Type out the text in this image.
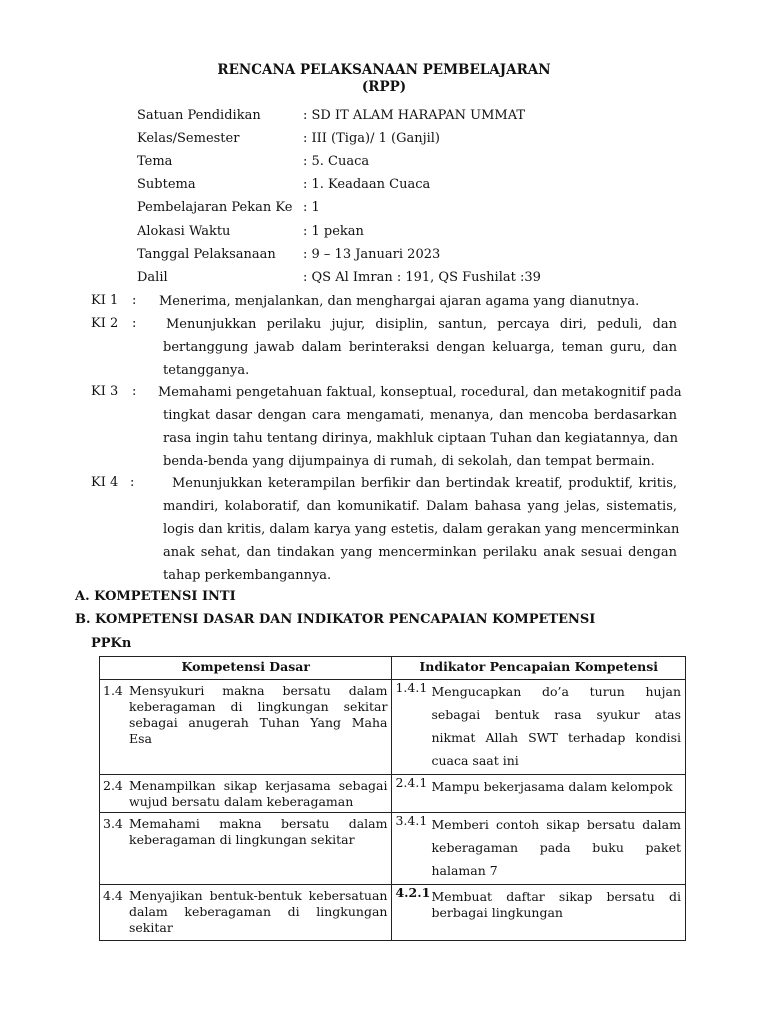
RENCANA PELAKSANAAN PEMBELAJARAN
(RPP)
Satuan Pendidikan	: SD IT ALAM HARAPAN UMMAT
Kelas/Semester	: III (Tiga)/ 1 (Ganjil)
Tema	: 5. Cuaca
Subtema	: 1. Keadaan Cuaca
Pembelajaran Pekan Ke : 1
Alokasi Waktu	: 1 pekan
Tanggal Pelaksanaan : 9 – 13 Januari 2023
Dalil	: QS Al Imran : 191, QS Fushilat :39
KI 1 : Menerima, menjalankan, dan menghargai ajaran agama yang dianutnya.
KI 2 : Menunjukkan perilaku jujur, disiplin, santun, percaya diri, peduli, dan
bertanggung jawab dalam berinteraksi dengan keluarga, teman guru, dan
tetangganya.
KI 3 : Memahami pengetahuan faktual, konseptual, rocedural, dan metakognitif pada
tingkat dasar dengan cara mengamati, menanya, dan mencoba berdasarkan
rasa ingin tahu tentang dirinya, makhluk ciptaan Tuhan dan kegiatannya, dan
benda-benda yang dijumpainya di rumah, di sekolah, dan tempat bermain.
KI 4 :	Menunjukkan keterampilan berfikir dan bertindak kreatif, produktif, kritis,
mandiri, kolaboratif, dan komunikatif. Dalam bahasa yang jelas, sistematis,
logis dan kritis, dalam karya yang estetis, dalam gerakan yang mencerminkan
anak sehat, dan tindakan yang mencerminkan perilaku anak sesuai dengan
tahap perkembangannya.
A. KOMPETENSI INTI
B. KOMPETENSI DASAR DAN INDIKATOR PENCAPAIAN KOMPETENSI
PPKn
Kompetensi Dasar	Indikator Pencapaian Kompetensi

1.4 Mensyukuri makna bersatu dalam keberagaman di lingkungan sekitar sebagai anugerah Tuhan Yang Maha Esa	1.4.1 Mengucapkan do’a turun hujan sebagai bentuk rasa syukur atas nikmat Allah SWT terhadap kondisi cuaca saat ini

2.4 Menampilkan sikap kerjasama sebagai wujud bersatu dalam keberagaman	2.4.1 Mampu bekerjasama dalam kelompok

3.4 Memahami makna bersatu dalam keberagaman di lingkungan sekitar	3.4.1 Memberi contoh sikap bersatu dalam keberagaman pada buku paket halaman 7

4.4 Menyajikan bentuk-bentuk kebersatuan dalam keberagaman di lingkungan sekitar	4.2.1 Membuat daftar sikap bersatu di berbagai lingkungan
